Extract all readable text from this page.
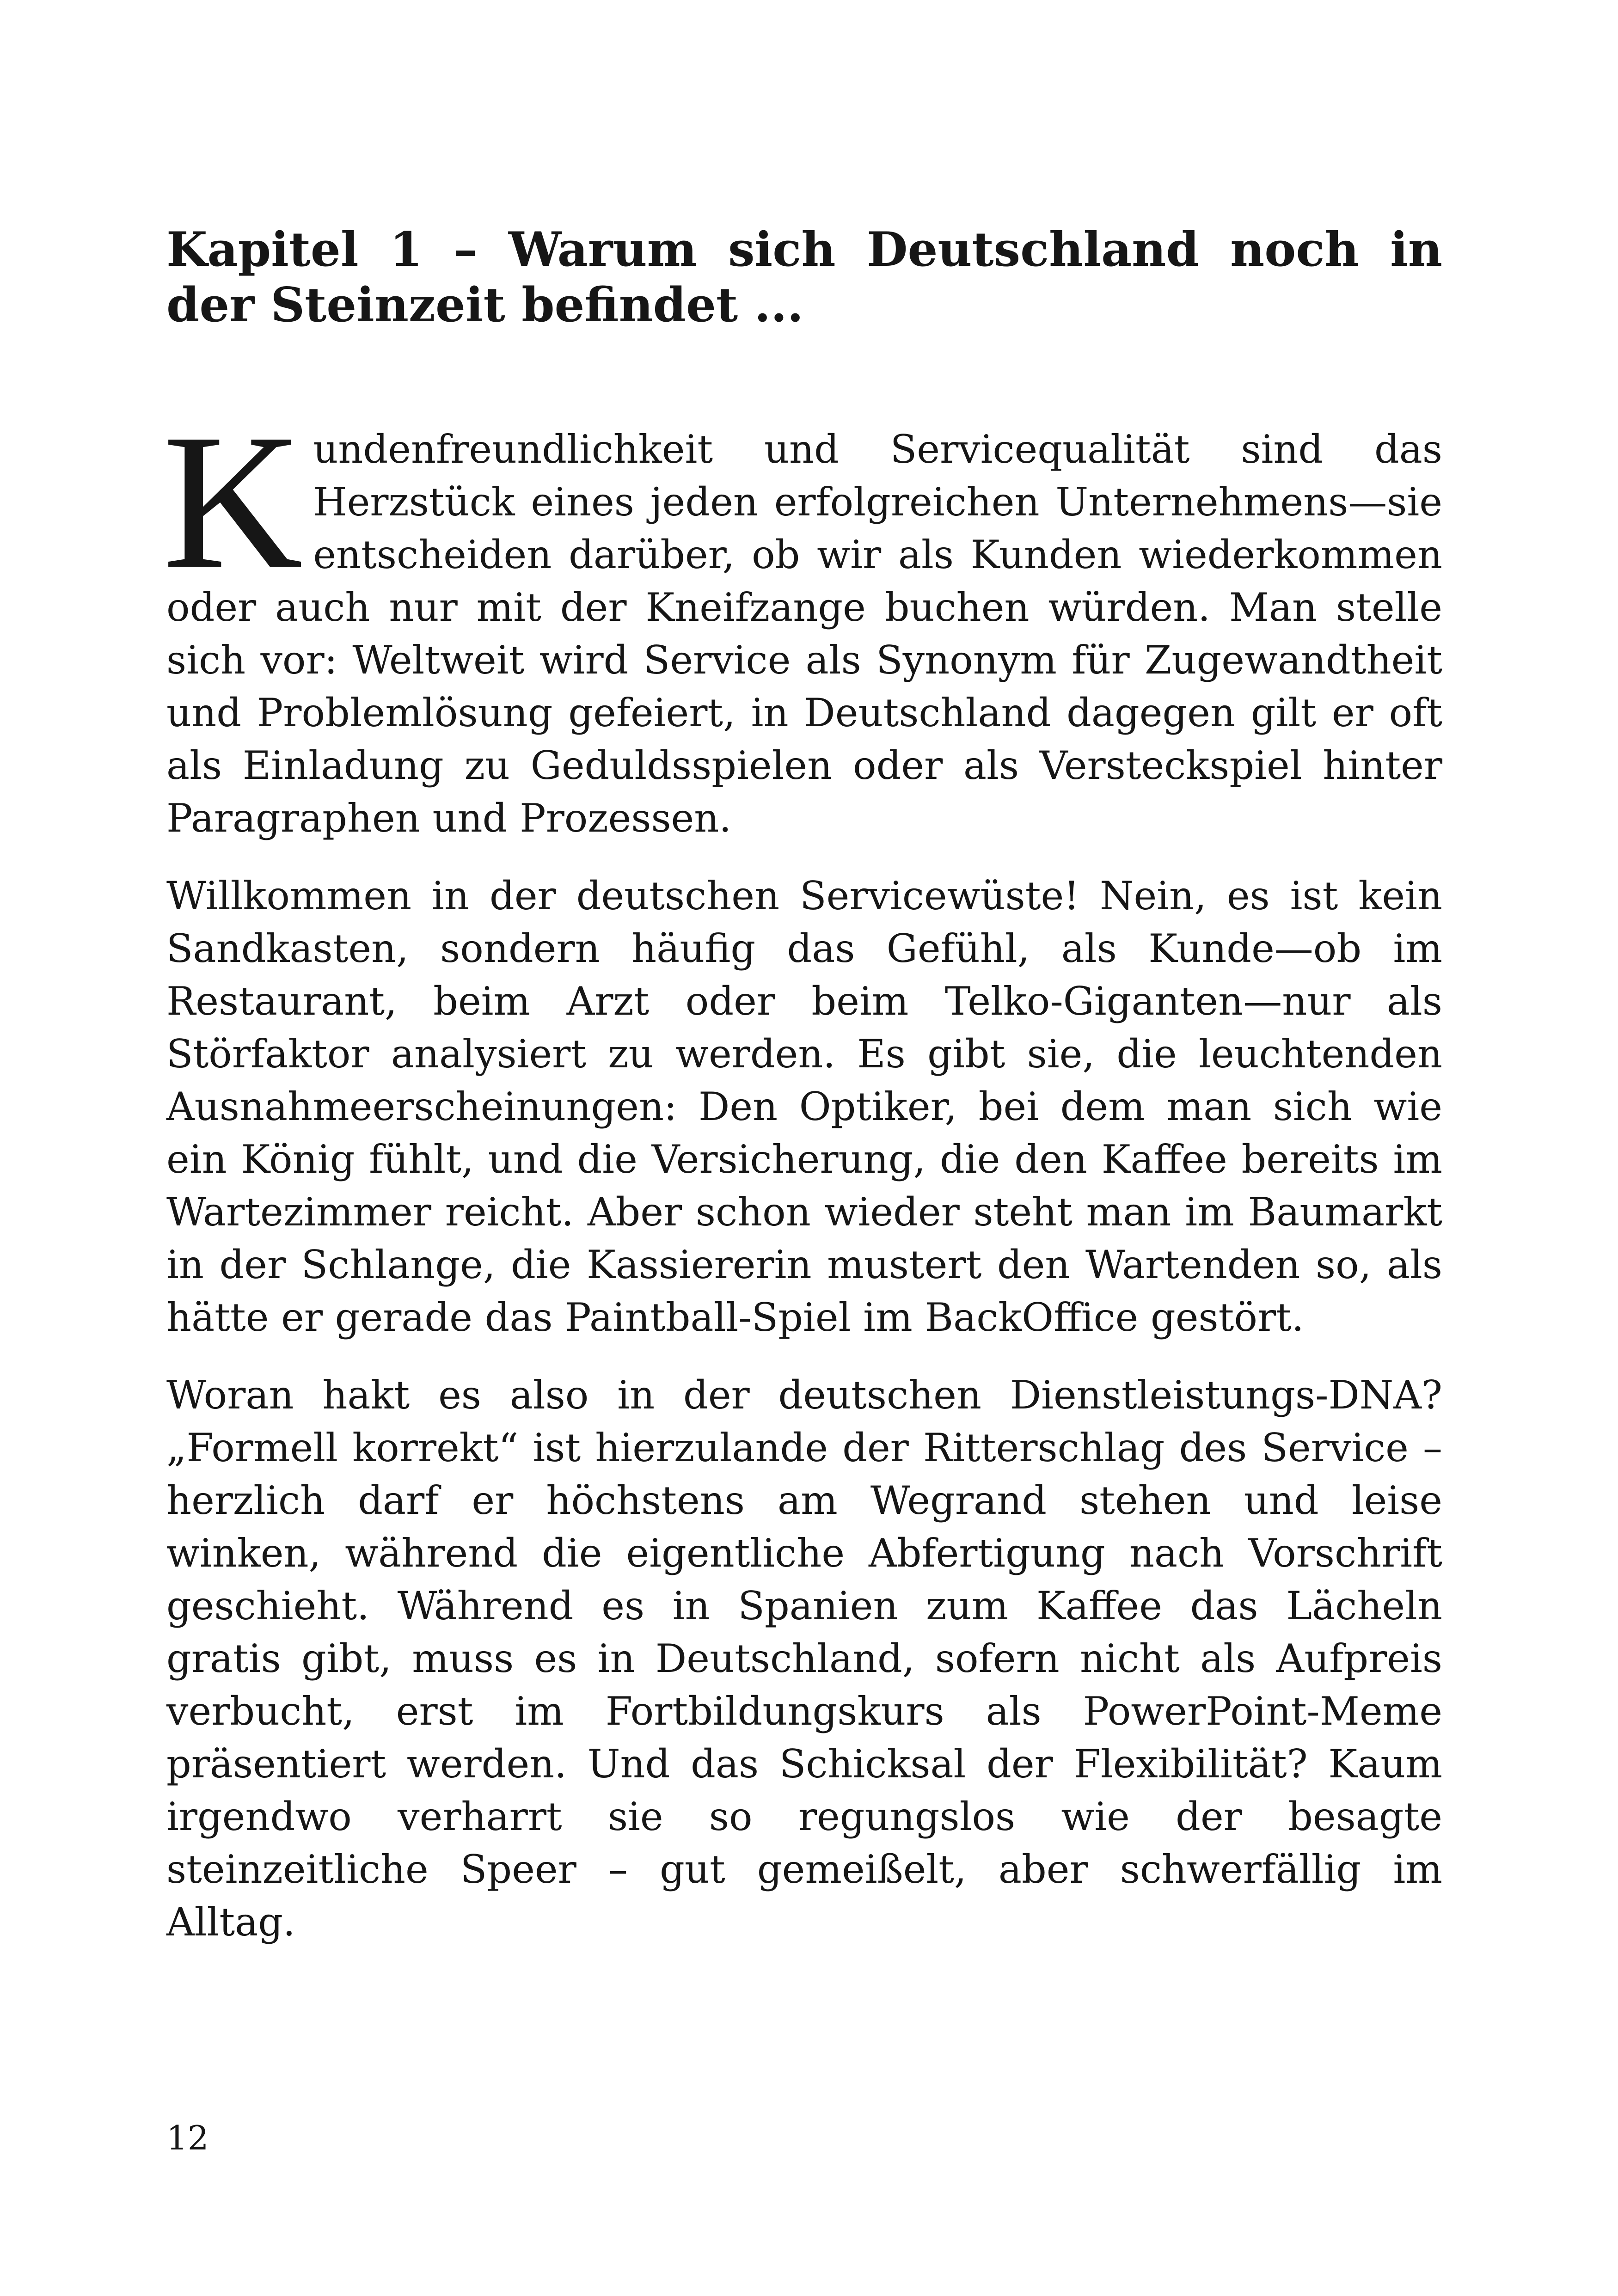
Kapitel 1 – Warum sich Deutschland noch in der Steinzeit befindet ...

Kundenfreundlichkeit und Servicequalität sind das Herzstück eines jeden erfolgreichen Unternehmens—sie entscheiden darüber, ob wir als Kunden wiederkommen oder auch nur mit der Kneifzange buchen würden. Man stelle sich vor: Weltweit wird Service als Synonym für Zugewandtheit und Problemlösung gefeiert, in Deutschland dagegen gilt er oft als Einladung zu Geduldsspielen oder als Versteckspiel hinter Paragraphen und Prozessen.

Willkommen in der deutschen Servicewüste! Nein, es ist kein Sandkasten, sondern häufig das Gefühl, als Kunde—ob im Restaurant, beim Arzt oder beim Telko-Giganten—nur als Störfaktor analysiert zu werden. Es gibt sie, die leuchtenden Ausnahmeerscheinungen: Den Optiker, bei dem man sich wie ein König fühlt, und die Versicherung, die den Kaffee bereits im Wartezimmer reicht. Aber schon wieder steht man im Baumarkt in der Schlange, die Kassiererin mustert den Wartenden so, als hätte er gerade das Paintball-Spiel im BackOffice gestört.

Woran hakt es also in der deutschen Dienstleistungs-DNA? „Formell korrekt“ ist hierzulande der Ritterschlag des Service – herzlich darf er höchstens am Wegrand stehen und leise winken, während die eigentliche Abfertigung nach Vorschrift geschieht. Während es in Spanien zum Kaffee das Lächeln gratis gibt, muss es in Deutschland, sofern nicht als Aufpreis verbucht, erst im Fortbildungskurs als PowerPoint-Meme präsentiert werden. Und das Schicksal der Flexibilität? Kaum irgendwo verharrt sie so regungslos wie der besagte steinzeitliche Speer – gut gemeißelt, aber schwerfällig im Alltag.

12
